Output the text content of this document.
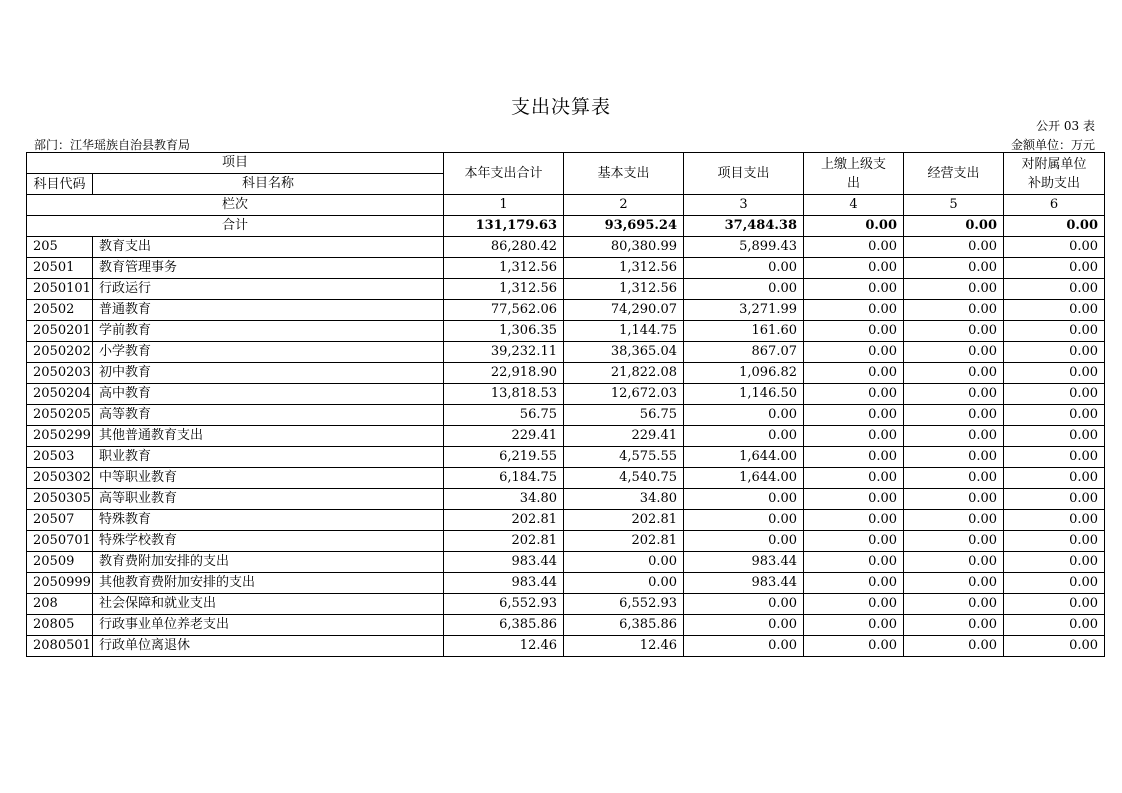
支出决算表
公开 03 表
部门：江华瑶族自治县教育局	金额单位：万元
项目		本年支出合计	基本支出	项目支出	上缴上级支出	经营支出	对附属单位补助支出

科目代码	科目名称						
栏次		1	2	3	4	5	6
合计		131,179.63	93,695.24	37,484.38	0.00	0.00	0.00
205	教育支出	86,280.42	80,380.99	5,899.43	0.00	0.00	0.00
20501	教育管理事务	1,312.56	1,312.56	0.00	0.00	0.00	0.00
2050101	行政运行	1,312.56	1,312.56	0.00	0.00	0.00	0.00
20502	普通教育	77,562.06	74,290.07	3,271.99	0.00	0.00	0.00
2050201	学前教育	1,306.35	1,144.75	161.60	0.00	0.00	0.00
2050202	小学教育	39,232.11	38,365.04	867.07	0.00	0.00	0.00
2050203	初中教育	22,918.90	21,822.08	1,096.82	0.00	0.00	0.00
2050204	高中教育	13,818.53	12,672.03	1,146.50	0.00	0.00	0.00
2050205	高等教育	56.75	56.75	0.00	0.00	0.00	0.00
2050299	其他普通教育支出	229.41	229.41	0.00	0.00	0.00	0.00
20503	职业教育	6,219.55	4,575.55	1,644.00	0.00	0.00	0.00
2050302	中等职业教育	6,184.75	4,540.75	1,644.00	0.00	0.00	0.00
2050305	高等职业教育	34.80	34.80	0.00	0.00	0.00	0.00
20507	特殊教育	202.81	202.81	0.00	0.00	0.00	0.00
2050701	特殊学校教育	202.81	202.81	0.00	0.00	0.00	0.00
20509	教育费附加安排的支出	983.44	0.00	983.44	0.00	0.00	0.00
2050999	其他教育费附加安排的支出	983.44	0.00	983.44	0.00	0.00	0.00
208	社会保障和就业支出	6,552.93	6,552.93	0.00	0.00	0.00	0.00
20805	行政事业单位养老支出	6,385.86	6,385.86	0.00	0.00	0.00	0.00
2080501	行政单位离退休	12.46	12.46	0.00	0.00	0.00	0.00
